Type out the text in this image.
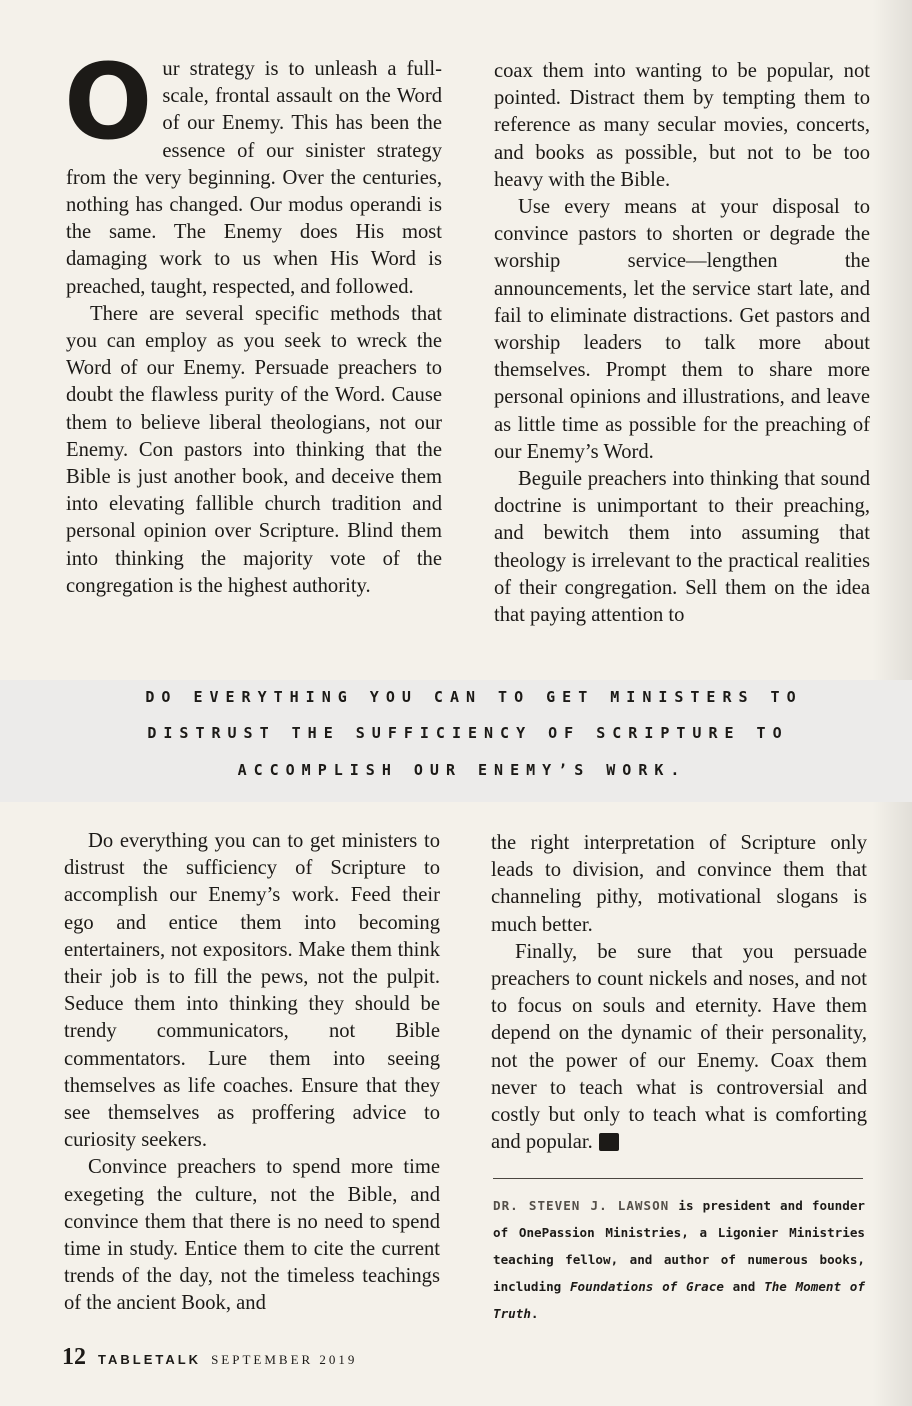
Our strategy is to unleash a full-scale, frontal assault on the Word of our Enemy. This has been the essence of our sinister strategy from the very beginning. Over the centuries, nothing has changed. Our modus operandi is the same. The Enemy does His most damaging work to us when His Word is preached, taught, respected, and followed.

There are several specific methods that you can employ as you seek to wreck the Word of our Enemy. Persuade preachers to doubt the flawless purity of the Word. Cause them to believe liberal theologians, not our Enemy. Con pastors into thinking that the Bible is just another book, and deceive them into elevating fallible church tradition and personal opinion over Scripture. Blind them into thinking the majority vote of the congregation is the highest authority.

coax them into wanting to be popular, not pointed. Distract them by tempting them to reference as many secular movies, concerts, and books as possible, but not to be too heavy with the Bible.

Use every means at your disposal to convince pastors to shorten or degrade the worship service—lengthen the announcements, let the service start late, and fail to eliminate distractions. Get pastors and worship leaders to talk more about themselves. Prompt them to share more personal opinions and illustrations, and leave as little time as possible for the preaching of our Enemy’s Word.

Beguile preachers into thinking that sound doctrine is unimportant to their preaching, and bewitch them into assuming that theology is irrelevant to the practical realities of their congregation. Sell them on the idea that paying attention to

DO EVERYTHING YOU CAN TO GET MINISTERS TO
DISTRUST THE SUFFICIENCY OF SCRIPTURE TO
ACCOMPLISH OUR ENEMY’S WORK.

Do everything you can to get ministers to distrust the sufficiency of Scripture to accomplish our Enemy’s work. Feed their ego and entice them into becoming entertainers, not expositors. Make them think their job is to fill the pews, not the pulpit. Seduce them into thinking they should be trendy communicators, not Bible commentators. Lure them into seeing themselves as life coaches. Ensure that they see themselves as proffering advice to curiosity seekers.

Convince preachers to spend more time exegeting the culture, not the Bible, and convince them that there is no need to spend time in study. Entice them to cite the current trends of the day, not the timeless teachings of the ancient Book, and

the right interpretation of Scripture only leads to division, and convince them that channeling pithy, motivational slogans is much better.

Finally, be sure that you persuade preachers to count nickels and noses, and not to focus on souls and eternity. Have them depend on the dynamic of their personality, not the power of our Enemy. Coax them never to teach what is controversial and costly but only to teach what is comforting and popular. T

DR. STEVEN J. LAWSON is president and founder of OnePassion Ministries, a Ligonier Ministries teaching fellow, and author of numerous books, including Foundations of Grace and The Moment of Truth.
12 TABLETALK SEPTEMBER 2019
